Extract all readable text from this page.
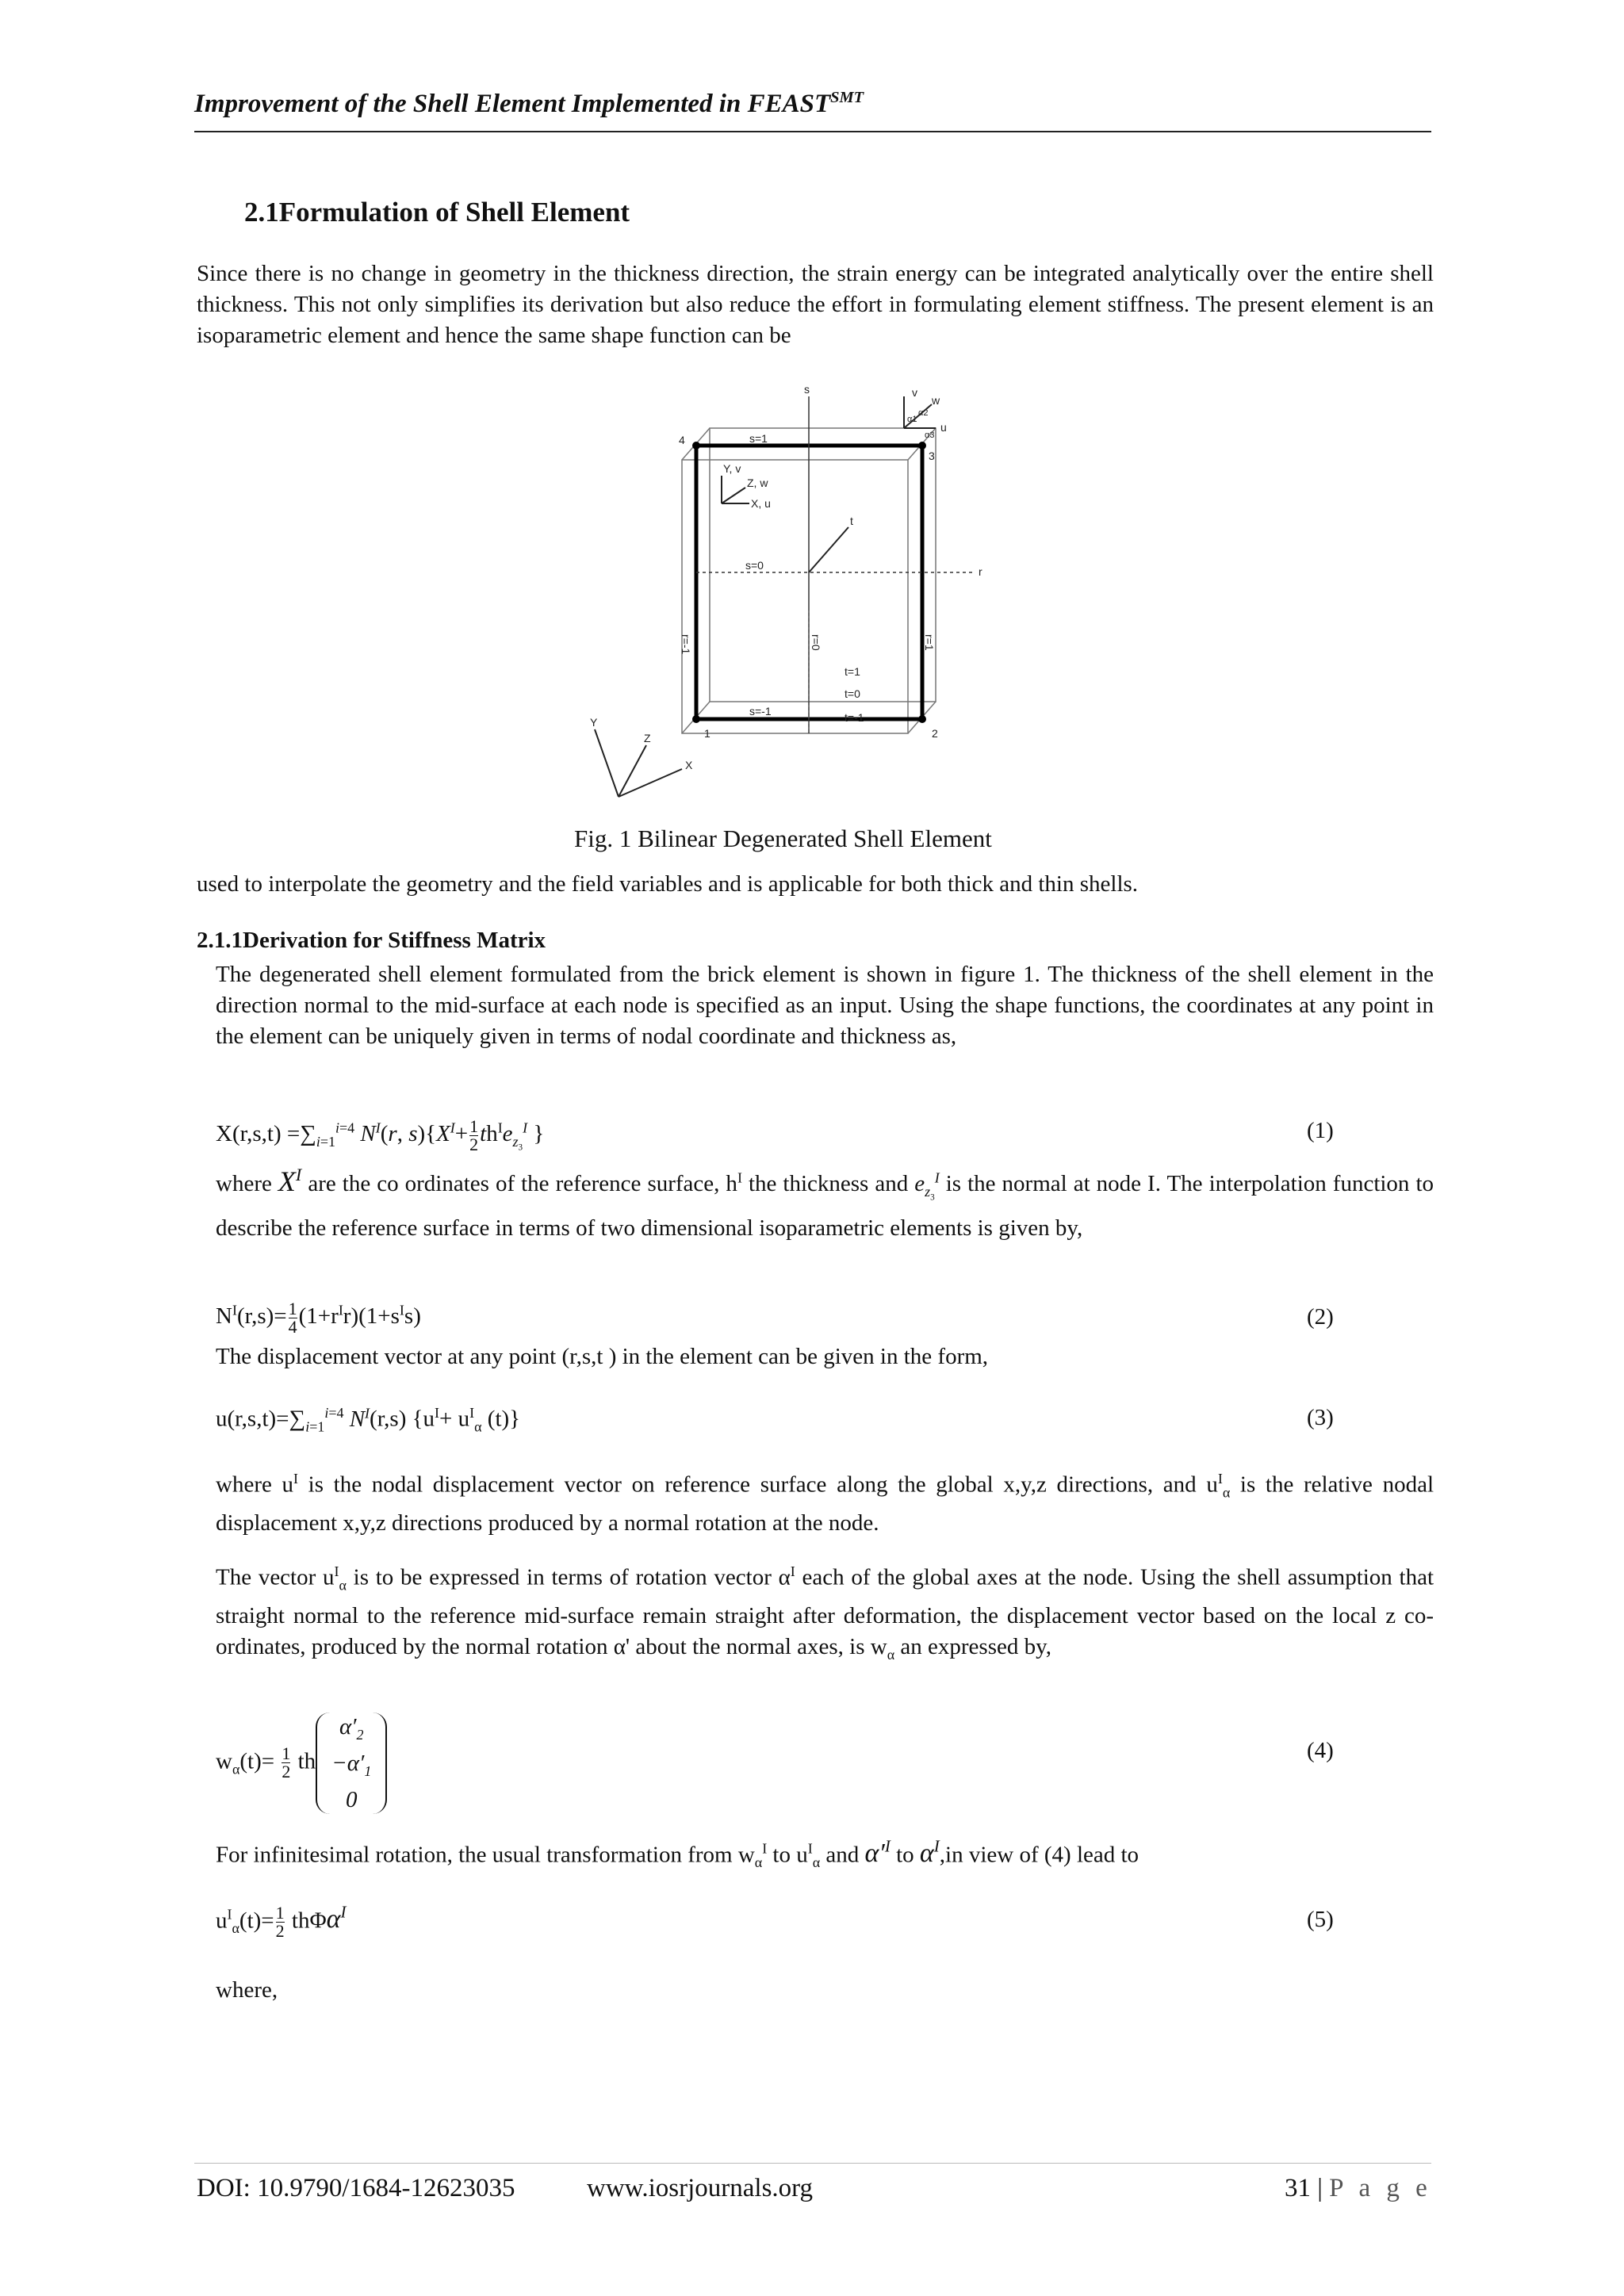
Improvement of the Shell Element Implemented in $FEAST^{SMT}$
2.1Formulation of Shell Element
Since there is no change in geometry in the thickness direction, the strain energy can be integrated analytically over the entire shell thickness. This not only simplifies its derivation but also reduce the effort in formulating element stiffness. The present element is an isoparametric element and hence the same shape function can be
s
r
t
1	2
3
4	s=1
s=0
s=-1
t=1
t=0
t=-1
r=-1	r=0	r=1
Y, v
Z, w
X, u
X
Y
Z
v
w
u
α1
α2
α3
Fig. 1 Bilinear Degenerated Shell Element
used to interpolate the geometry and the field variables and is applicable for both thick and thin shells.
2.1.1Derivation for Stiffness Matrix
The degenerated shell element formulated from the brick element is shown in figure 1. The thickness of the shell element in the direction normal to the mid-surface at each node is specified as an input. Using the shape functions, the coordinates at any point in the element can be uniquely given in terms of nodal coordinate and thickness as,
$X(r,s,t) =\sum_{i=1}^{i=4}$ $N^I(r$, $s)\{X^I+ \frac{1}{2} th^Ie_{z_3}^I$ }	(1)
where $X^I$ are the co ordinates of the reference surface, $h^I$ the thickness and $e_{z_3}^I$ is the normal at node I. The interpolation function to describe the reference surface in terms of two dimensional isoparametric elements is given by,
$N^I(r,s)= \frac{1}{4} (1+r^Ir)(1+s^Is)$	(2)
The displacement vector at any point (r,s,t ) in the element can be given in the form,
$u(r,s,t)=\sum_{i=1}^{i=4}$ $N^I(r,s)$ {$u^I+ u^I_\alpha$ (t)}	(3)
where $u^I$ is the nodal displacement vector on reference surface along the global x,y,z directions, and $u^I_\alpha$ is the relative nodal displacement x,y,z directions produced by a normal rotation at the node.
The vector $u^I_\alpha$ is to be expressed in terms of rotation vector $\alpha^I$ each of the global axes at the node. Using the shell assumption that straight normal to the reference mid-surface remain straight after deformation, the displacement vector based on the local z co-ordinates, produced by the normal rotation α' about the normal axes, is $w_\alpha$ an expressed by,
$w_\alpha(t)= \frac{1}{2}$ th
$\alpha'_2$
$-\alpha'_1$
0
(4)
For infinitesimal rotation, the usual transformation from $w_\alpha^I$ to $u^I_\alpha$ and $\alpha'^I$ to $\alpha^I,in$ view of (4) lead to
$u^I_\alpha(t)= \frac{1}{2} th\Phi\alpha^I$	(5)
where,
DOI: 10.9790/1684-12623035	www.iosrjournals.org	31 | P a g e
